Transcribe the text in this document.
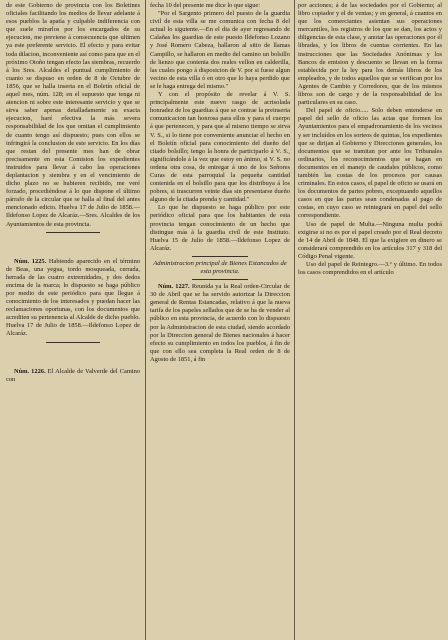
de este Gobierno de provincia con los Boletines oficiales facilitando los medios de llevar adelante á esos pueblos la apatía y culpable indiferencia con que suele mirarlos por los encargados de su ejecucion, me previene á consecuencia que ultimen ya este preferente servicio. El efecto y para evitar toda dilacion, inconveniente así como para que en el próximo Otoño tengan efecto las siembras, recuerdo á los Sres. Alcaldes el puntual cumplimiento de cuanto se dispuso en orden de 8 de Octubre de 1856, que se halla inserta en el Boletín oficial de aquel mes, núm. 128; en el supuesto que tenga ni atencion ni sobre este interesante servicio y que se sirva saber apenas detalladamente su exacta ejecucion, haré efectiva la más severa responsabilidad de los que omitan el cumplimiento de cuanto tengo así dispuesto; pues con ellos se infringirá la conclusion de este servicio. En los días que restan del presente mes han de obrar precisamente en esta Comision los expedientes instruidos para llevar á cabo las operaciones deplantacion y siembra y en el vencimiento de dicho plazo no se hubieren recibido, me veré forzado, procediéndose á lo que dispone el último párrafo de la circular que se halla al final del antes mencionado edicto. Huelva 17 de Julio de 1858.—Ildefonso Lopez de Alcaráz.—Sres. Alcaldes de los Ayuntamientos de esta provincia.

Núm. 1225. Habiendo aparecido en el término de Beas, una yegua, tordo mosqueada, cerrada, herrada de las cuatro extremidades, y dos dedos encima de la marca; lo dispuesto se haga público por medio de este periódico para que llegue á conocimiento de los interesados y puedan hacer las reclamaciones oportunas, con los documentos que acrediten su pertenencia al Alcalde de dicho pueblo. Huelva 17 de Julio de 1858.—Ildefonso Lopez de Alcaráz.

Núm. 1226. El Alcalde de Valverde del Camino con

fecha 10 del presente me dice lo que sigue:

"Por el Sargento primero del puesto de la guardia civil de esta villa se me comunica con fecha 8 del actual lo siguiente.—En el dia de ayer regresando de Calañas los guardias de este puesto Ildefonso Lozano y José Romero Cabeza, hallaron al sitio de llamas Campillo, se hallaron en medio del camino un bolsillo de lienzo que contenia dos reales vellon en calderilla, las cuales pongo á disposicion de V. por si fuese algun vecino de esta villa ó en otro que lo haya perdido que se le haga entrega del mismo."

Y con el propósito de revelar á V. S. principalmente este nuevo rasgo de acrisolada honradez de los guardias á que se contrae la preinserta comunicacion tan honrosa para ellos y para el cuerpo á que pertenecen, y para que al mismo tiempo se sirva V. S., si lo tiene por conveniente anunciar el hecho en el Boletín oficial para conocimiento del dueño del citado bolsillo; tengo la honra de participarlo á V. S., significándole á la vez que estoy en ánimo, si V. S. no ordena otra cosa, de entregar á uno de los Señores Curas de esta parroquial la pequeña cantidad contenida en el bolsillo para que los distribuya á los pobres, si trascurren veinte días sin presentarse dueño alguno de la citada prenda y cantidad."

Lo que he dispuesto se haga público por este periódico oficial para que los habitantes de esta provincia tengan conocimiento de un hecho que distingue más á la guardia civil de este Instituto. Huelva 15 de Julio de 1858.—Ildefonso Lopez de Alcaráz.

Administracion principal de Bienes Estancados de esta provincia.

Núm. 1227. Reunida ya la Real orden-Circular de 30 de Abril que se ha servido autorizar la Direccion general de Rentas Estancadas, relativo á que la nueva tarifa de los papeles sellados que de se ha de vender al público en esta provincia, de acuerdo con lo dispuesto por la Administracion de esta ciudad, siendo acordado por la Direccion general de Bienes nacionales á hacer efecto su cumplimiento en todos los pueblos, á fin de que con ello sea completa la Real orden de 8 de Agosto de 1851, á fin

por acciones; á de las sociedades por el Gobierno; al libro copiador y el de ventas; y en general, á cuantos en que los comerciantes asientan sus operaciones mercantiles, los registros de los que se dan, los actos y diligencias de esta clase, y anotar las operaciones por él libradas, y los libros de cuentas corrientes. En las instrucciones que las Sociedades Anónimas y los Bancos de emision y descuento se llevan en la forma establecida por la ley para los demás libros de los empleados, y de todos aquellos que se verifican por los Agentes de Cambio y Corredores, que de los mismos libros son de cargo y de la responsabilidad de los particulares en su caso.

Del papel de oficio..... Solo deben entenderse en papel del sello de oficio las actas que formen los Ayuntamientos para el empadronamiento de los vecinos y ser incluídos en los sorteos de quintas, los expedientes que se dirijan al Gobierno y Direcciones generales, los documentos que se tramitan por ante los Tribunales ordinarios, los reconocimientos que se hagan en documentos en el manejo de caudales públicos, como también las costas de los procesos por causas criminales. En estos casos, el papel de oficio se usará en los documentos de partes pobres, exceptuando aquellos casos en que las partes sean condenadas al pago de costas, en cuyo caso se reintegrará en papel del sello correspondiente.

Uso de papel de Multa.—Ninguna multa podrá exigirse si no es por el papel creado por el Real decreto de 14 de Abril de 1848. El que la exigiere en dinero se considerará comprendido en los artículos 317 y 318 del Código Penal vigente.

Uso del papel de Reintegro.—3.º y último. En todos los casos comprendidos en el artículo
